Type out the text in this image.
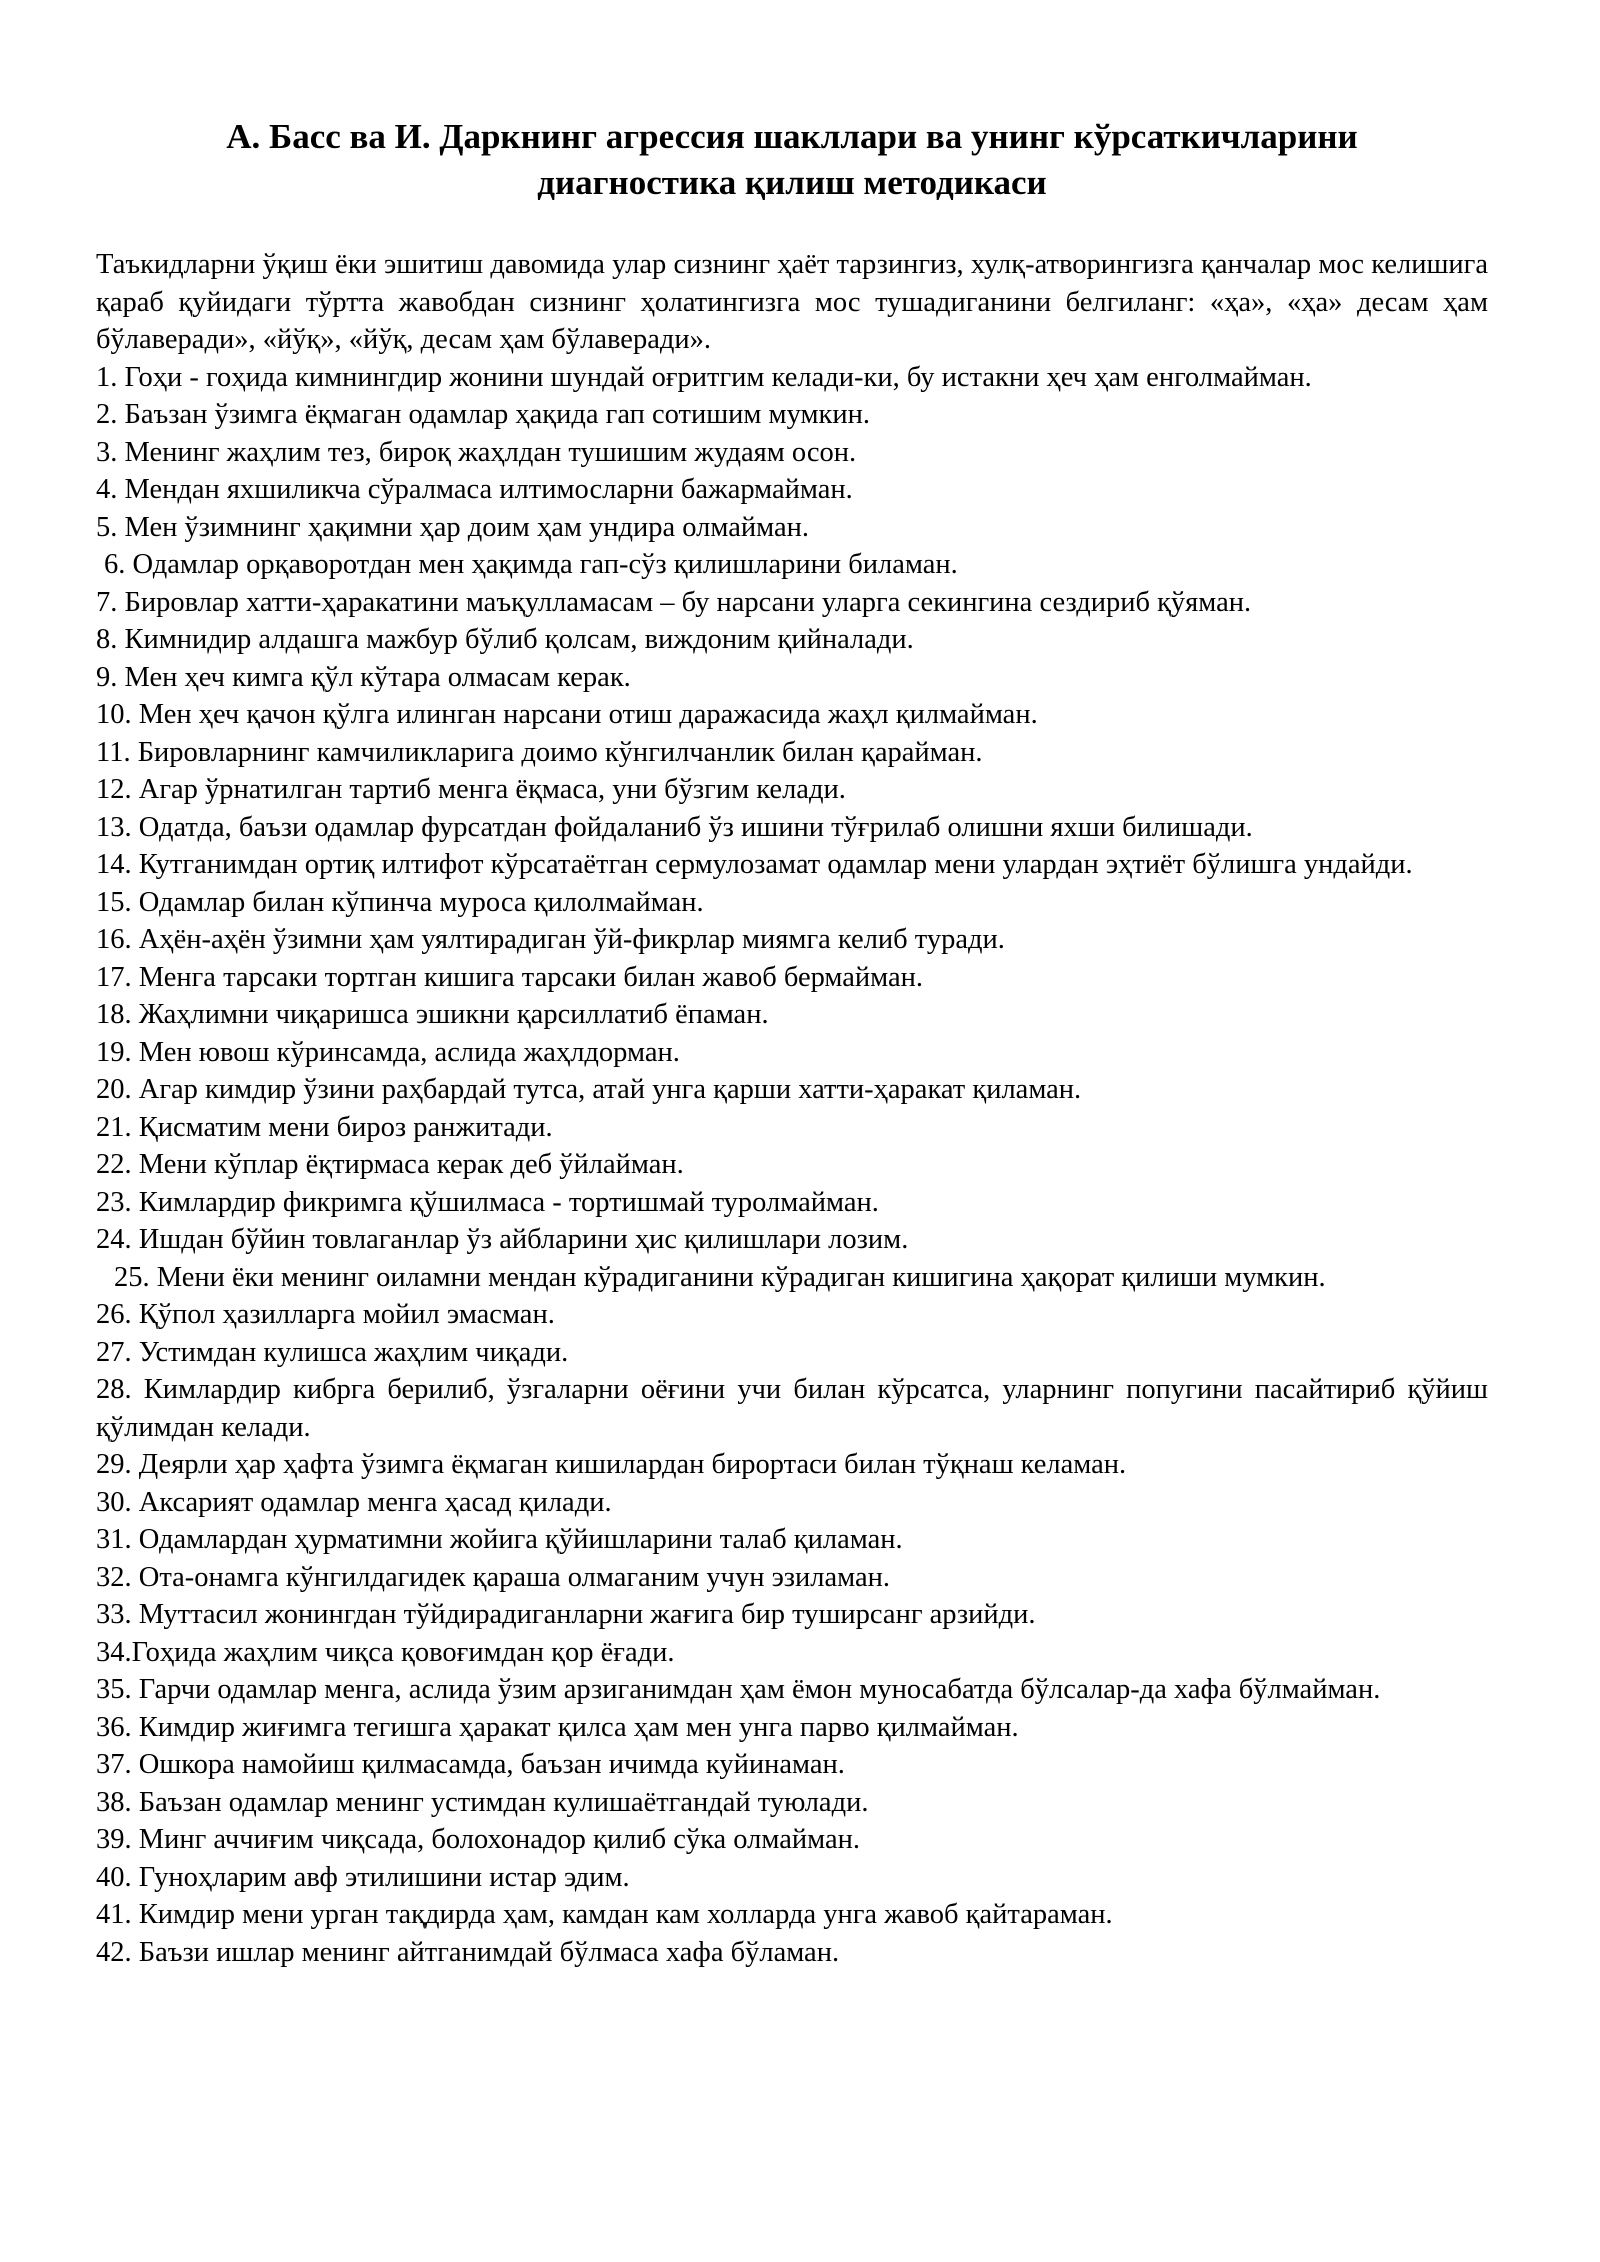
А. Басс ва И. Даркнинг агрессия шакллари ва унинг кўрсаткичларини
диагностика қилиш методикаси

Таъкидларни ўқиш ёки эшитиш давомида улар сизнинг ҳаёт тарзингиз, хулқ-атворингизга қанчалар мос келишига қараб қуйидаги тўртта жавобдан сизнинг ҳолатингизга мос тушадиганини белгиланг: «ҳа», «ҳа» десам ҳам бўлаверади», «йўқ», «йўқ, десам ҳам бўлаверади».

1. Гоҳи - гоҳида кимнингдир жонини шундай оғритгим келади-ки, бу истакни ҳеч ҳам енголмайман.

2. Баъзан ўзимга ёқмаган одамлар ҳақида гап сотишим мумкин.

3. Менинг жаҳлим тез, бироқ жаҳлдан тушишим жудаям осон.

4. Мендан яхшиликча сўралмаса илтимосларни бажармайман.

5. Мен ўзимнинг ҳақимни ҳар доим ҳам ундира олмайман.

6. Одамлар орқаворотдан мен ҳақимда гап-сўз қилишларини биламан.

7. Бировлар хатти-ҳаракатини маъқулламасам – бу нарсани уларга секингина сездириб қўяман.

8. Кимнидир алдашга мажбур бўлиб қолсам, виждоним қийналади.

9. Мен ҳеч кимга қўл кўтара олмасам керак.

10. Мен ҳеч қачон қўлга илинган нарсани отиш даражасида жаҳл қилмайман.

11. Бировларнинг камчиликларига доимо кўнгилчанлик билан қарайман.

12. Агар ўрнатилган тартиб менга ёқмаса, уни бўзгим келади.

13. Одатда, баъзи одамлар фурсатдан фойдаланиб ўз ишини тўғрилаб олишни яхши билишади.

14. Кутганимдан ортиқ илтифот кўрсатаётган сермулозамат одамлар мени улардан эҳтиёт бўлишга ундайди.

15. Одамлар билан кўпинча муроса қилолмайман.

16. Аҳён-аҳён ўзимни ҳам уялтирадиган ўй-фикрлар миямга келиб туради.

17. Менга тарсаки тортган кишига тарсаки билан жавоб бермайман.

18. Жаҳлимни чиқаришса эшикни қарсиллатиб ёпаман.

19. Мен ювош кўринсамда, аслида жаҳлдорман.

20. Агар кимдир ўзини раҳбардай тутса, атай унга қарши хатти-ҳаракат қиламан.

21. Қисматим мени бироз ранжитади.

22. Мени кўплар ёқтирмаса керак деб ўйлайман.

23. Кимлардир фикримга қўшилмаса - тортишмай туролмайман.

24. Ишдан бўйин товлаганлар ўз айбларини ҳис қилишлари лозим.

25. Мени ёки менинг оиламни мендан кўрадиганини кўрадиган кишигина ҳақорат қилиши мумкин.

26. Қўпол ҳазилларга мойил эмасман.

27. Устимдан кулишса жаҳлим чиқади.

28. Кимлардир кибрга берилиб, ўзгаларни оёғини учи билан кўрсатса, уларнинг попугини пасайтириб қўйиш қўлимдан келади.

29. Деярли ҳар ҳафта ўзимга ёқмаган кишилардан бирортаси билан тўқнаш келаман.

30. Аксарият одамлар менга ҳасад қилади.

31. Одамлардан ҳурматимни жойига қўйишларини талаб қиламан.

32. Ота-онамга кўнгилдагидек қараша олмаганим учун эзиламан.

33. Муттасил жонингдан тўйдирадиганларни жағига бир туширсанг арзийди.

34.Гоҳида жаҳлим чиқса қовоғимдан қор ёғади.

35. Гарчи одамлар менга, аслида ўзим арзиганимдан ҳам ёмон муносабатда бўлсалар-да хафа бўлмайман.

36. Кимдир жиғимга тегишга ҳаракат қилса ҳам мен унга парво қилмайман.

37. Ошкора намойиш қилмасамда, баъзан ичимда куйинаман.

38. Баъзан одамлар менинг устимдан кулишаётгандай туюлади.

39. Минг аччиғим чиқсада, болохонадор қилиб сўка олмайман.

40. Гуноҳларим авф этилишини истар эдим.

41. Кимдир мени урган тақдирда ҳам, камдан кам холларда унга жавоб қайтараман.

42. Баъзи ишлар менинг айтганимдай бўлмаса хафа бўламан.
